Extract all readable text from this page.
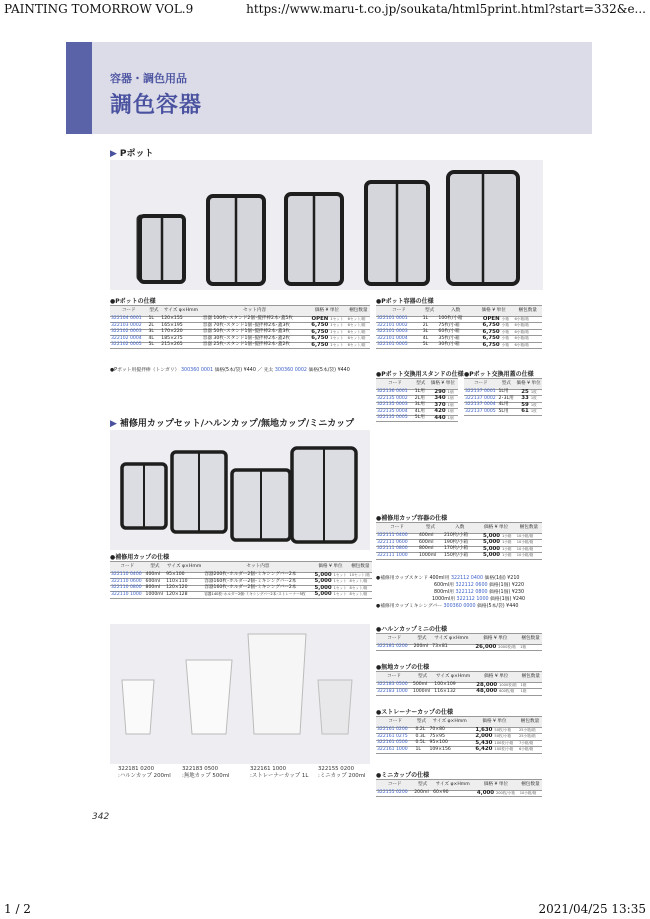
PAINTING TOMORROW VOL.9	https://www.maru-t.co.jp/soukata/html5print.html?start=332&e...
1 / 2	2021/04/25 13:35
容器・調色用品
調色容器
▶ Pポット
●Pポットの仕様
コード	型式	サイズ φ×Hmm	セット内容	価格 ¥ 単位		梱包数量
322104 0001	1L	120×155	容器 100枚･スタンド2個･撹拌棒2本･蓋5枚	OPEN	1セット	6セット/箱
322103 0002	2L	165×195	容器 70枚･スタンド1個･撹拌棒2本･蓋3枚	6,750	1セット	6セット/箱
322102 0003	3L	170×220	容器 50枚･スタンド1個･撹拌棒2本･蓋3枚	6,750	1セット	6セット/箱
322102 0004	4L	185×275	容器 30枚･スタンド1個･撹拌棒2本･蓋2枚	6,750	1セット	6セット/箱
322102 0005	5L	215×265	容器 25枚･スタンド1個･撹拌棒2本･蓋2枚	6,750	1セット	6セット/箱
●Pポット用撹拌棒（トンガリ） 300360 0001 価格(5本/袋) ¥440 ／ 先太 300360 0002 価格(5本/袋) ¥440
●Pポット容器の仕様
コード	型式	入数	価格 ¥ 単位		梱包数量
322101 0001	1L	100枚/小箱	OPEN	小箱	6小箱/箱
322101 0002	2L	75枚/小箱	6,750	小箱	6小箱/箱
322101 0003	3L	60枚/小箱	6,750	小箱	6小箱/箱
322101 0004	4L	35枚/小箱	6,750	小箱	6小箱/箱
322101 0005	5L	30枚/小箱	6,750	小箱	6小箱/箱
●Pポット交換用スタンドの仕様
コード	型式	価格 ¥ 単位	
322136 0001	1L用	290	1個
322135 0002	2L用	340	1個
322135 0003	3L用	370	1個
322135 0004	4L用	420	1個
322135 0005	5L用	440	1個
●Pポット交換用蓋の仕様
コード	型式	価格 ¥ 単位	
322137 0001	1L用	25	1枚
322137 0002	2･3L用	33	1枚
322137 0004	4L用	59	1枚
322137 0005	5L用	61	1枚
▶ 補修用カップセット/ハルンカップ/無地カップ/ミニカップ
●補修用カップの仕様
コード	型式	サイズ φ×Hmm	セット内容	価格 ¥ 単位		梱包数量
322110 0400	400ml	95×100	容器200枚･ホルダー2個･ミキシングバー2本	5,000	1セット	10セット/箱
322110 0600	600ml	110×110	容器160枚･ホルダー2個･ミキシングバー2本	5,000	1セット	8セット/箱
322110 0800	800ml	120×120	容器160枚･ホルダー2個･ミキシングバー2本	5,000	1セット	8セット/箱
322110 1000	1000ml	120×128	容器140枚･ホルダー2個･ミキシングバー2本･ストレーナー5枚	5,000	1セット	8セット/箱
●補修用カップ容器の仕様
コード	型式	入数	価格 ¥ 単位		梱包数量
322111 0400	400ml	210枚/小箱	5,000	1小箱	10小箱/箱
322111 0600	600ml	190枚/小箱	5,000	1小箱	10小箱/箱
322111 0800	800ml	170枚/小箱	5,000	1小箱	10小箱/箱
322111 1000	1000ml	150枚/小箱	5,000	1小箱	10小箱/箱
●補修用カップスタンド 400ml用 322112 0400 価格(1個) ¥210
600ml用 322112 0600 価格(1個) ¥220
800ml用 322112 0800 価格(1個) ¥230
1000ml用 322112 1000 価格(1個) ¥240
●補修用カップミキシングバー 300360 0000 価格(5本/袋) ¥440
322181 0200
:ハルンカップ 200ml
322183 0500
:無地カップ 500ml
322161 1000
:ストレーナーカップ 1L
322155 0200
:ミニカップ 200ml
●ハルンカップミニの仕様
コード	型式	サイズ φ×Hmm	価格 ¥ 単位		梱包数量
322181 0200	200ml	73×81	26,000	2000枚/箱	1箱
●無地カップの仕様
コード	型式	サイズ φ×Hmm	価格 ¥ 単位		梱包数量
322183 0500	500ml	100×109	28,000	1000枚/箱	1箱
322183 1000	1000ml	116×132	48,000	600枚/箱	1箱
●ストレーナーカップの仕様
コード	型式	サイズ φ×Hmm	価格 ¥ 単位		梱包数量
322161 0200	0.2L	70×80	1,630	50枚/小箱	25小箱/箱
322161 0275	0.3L	75×95	2,000	50枚/小箱	25小箱/箱
322161 0500	0.5L	95×100	5,430	100枚/小箱	7小箱/箱
322161 1000	1L	109×156	6,420	100枚/小箱	6小箱/箱
●ミニカップの仕様
コード	型式	サイズ φ×Hmm	価格 ¥ 単位		梱包数量
322155 0200	200ml	60×90	4,000	200枚/小箱	10小箱/箱
342
